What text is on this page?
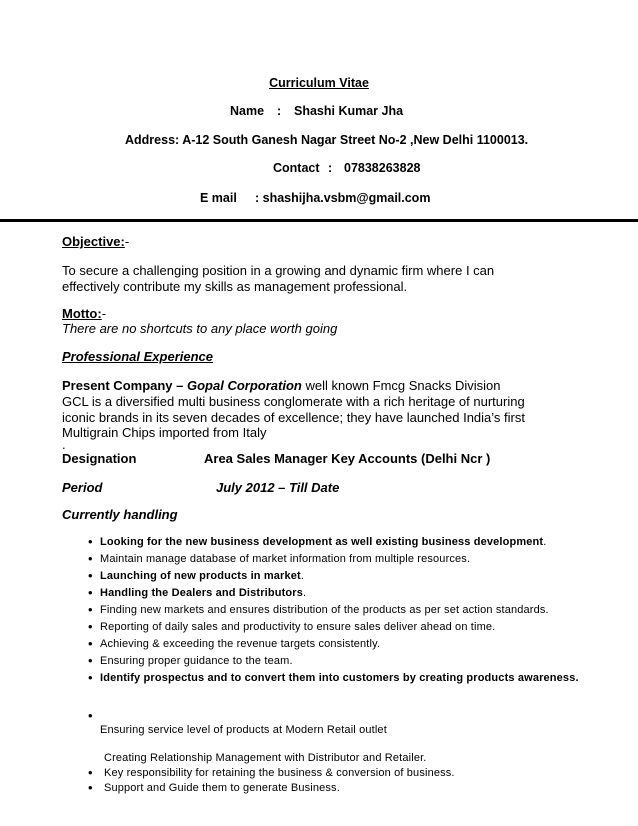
Curriculum Vitae
Name : Shashi Kumar Jha
Address: A-12 South Ganesh Nagar Street No-2 ,New Delhi 1100013.
Contact : 07838263828
E mail : shashijha.vsbm@gmail.com
Objective:-
To secure a challenging position in a growing and dynamic firm where I can
effectively contribute my skills as management professional.
Motto:-
There are no shortcuts to any place worth going
Professional Experience
Present Company – Gopal Corporation well known Fmcg Snacks Division
GCL is a diversified multi business conglomerate with a rich heritage of nurturing
iconic brands in its seven decades of excellence; they have launched India’s first
Multigrain Chips imported from Italy
.
Designation	Area Sales Manager Key Accounts (Delhi Ncr )
Period	July 2012 – Till Date
Currently handling
• Looking for the new business development as well existing business development.
• Maintain manage database of market information from multiple resources.
• Launching of new products in market.
• Handling the Dealers and Distributors.
• Finding new markets and ensures distribution of the products as per set action standards.
• Reporting of daily sales and productivity to ensure sales deliver ahead on time.
• Achieving & exceeding the revenue targets consistently.
• Ensuring proper guidance to the team.
• Identify prospectus and to convert them into customers by creating products awareness.
•
Ensuring service level of products at Modern Retail outlet
Creating Relationship Management with Distributor and Retailer.
• Key responsibility for retaining the business & conversion of business.
• Support and Guide them to generate Business.
